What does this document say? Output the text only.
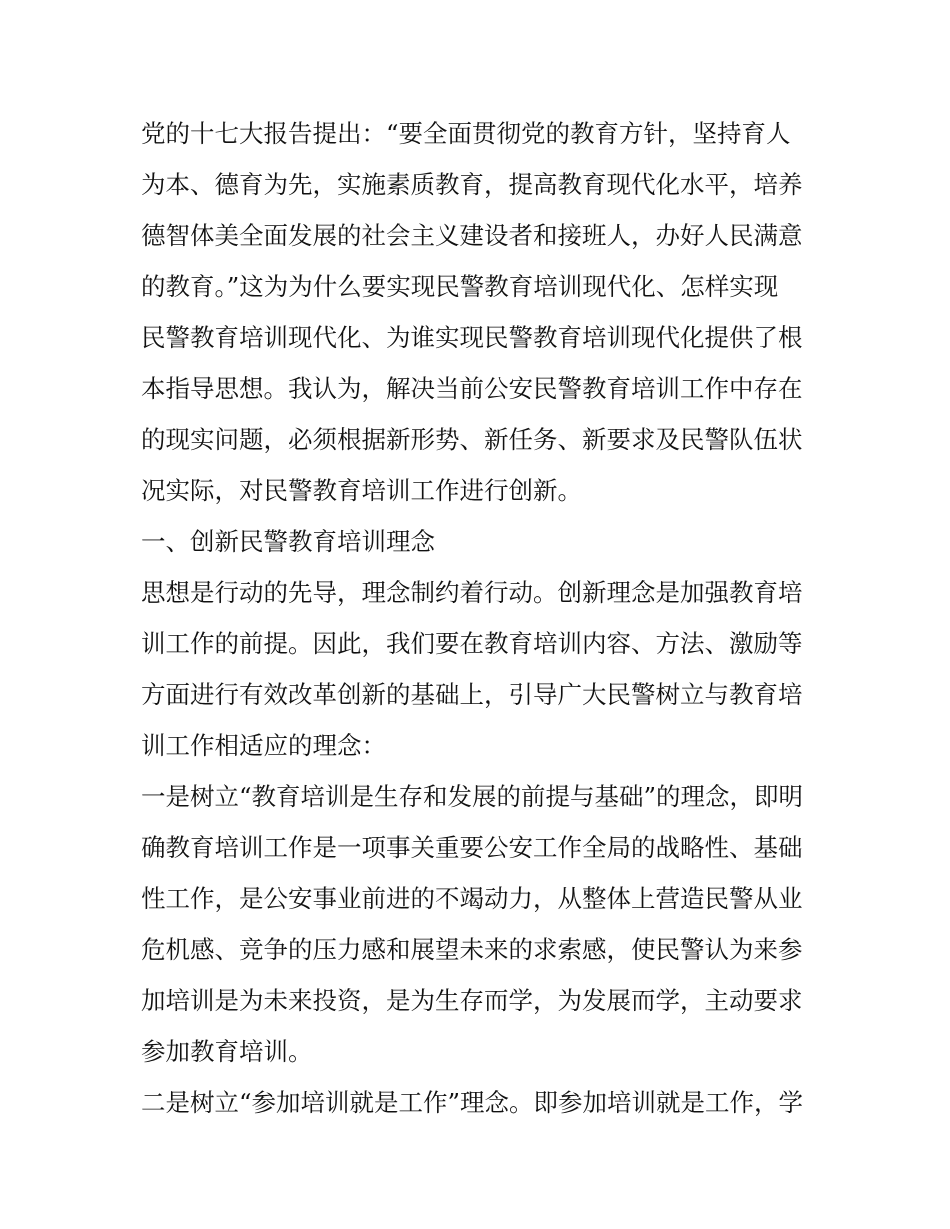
党的十七大报告提出：“要全面贯彻党的教育方针，坚持育人
为本、德育为先，实施素质教育，提高教育现代化水平，培养
德智体美全面发展的社会主义建设者和接班人，办好人民满意
的教育。”这为为什么要实现民警教育培训现代化、怎样实现
民警教育培训现代化、为谁实现民警教育培训现代化提供了根
本指导思想。我认为，解决当前公安民警教育培训工作中存在
的现实问题，必须根据新形势、新任务、新要求及民警队伍状
况实际，对民警教育培训工作进行创新。
一、创新民警教育培训理念
思想是行动的先导，理念制约着行动。创新理念是加强教育培
训工作的前提。因此，我们要在教育培训内容、方法、激励等
方面进行有效改革创新的基础上，引导广大民警树立与教育培
训工作相适应的理念：
一是树立“教育培训是生存和发展的前提与基础”的理念，即明
确教育培训工作是一项事关重要公安工作全局的战略性、基础
性工作，是公安事业前进的不竭动力，从整体上营造民警从业
危机感、竞争的压力感和展望未来的求索感，使民警认为来参
加培训是为未来投资，是为生存而学，为发展而学，主动要求
参加教育培训。
二是树立“参加培训就是工作”理念。即参加培训就是工作，学
